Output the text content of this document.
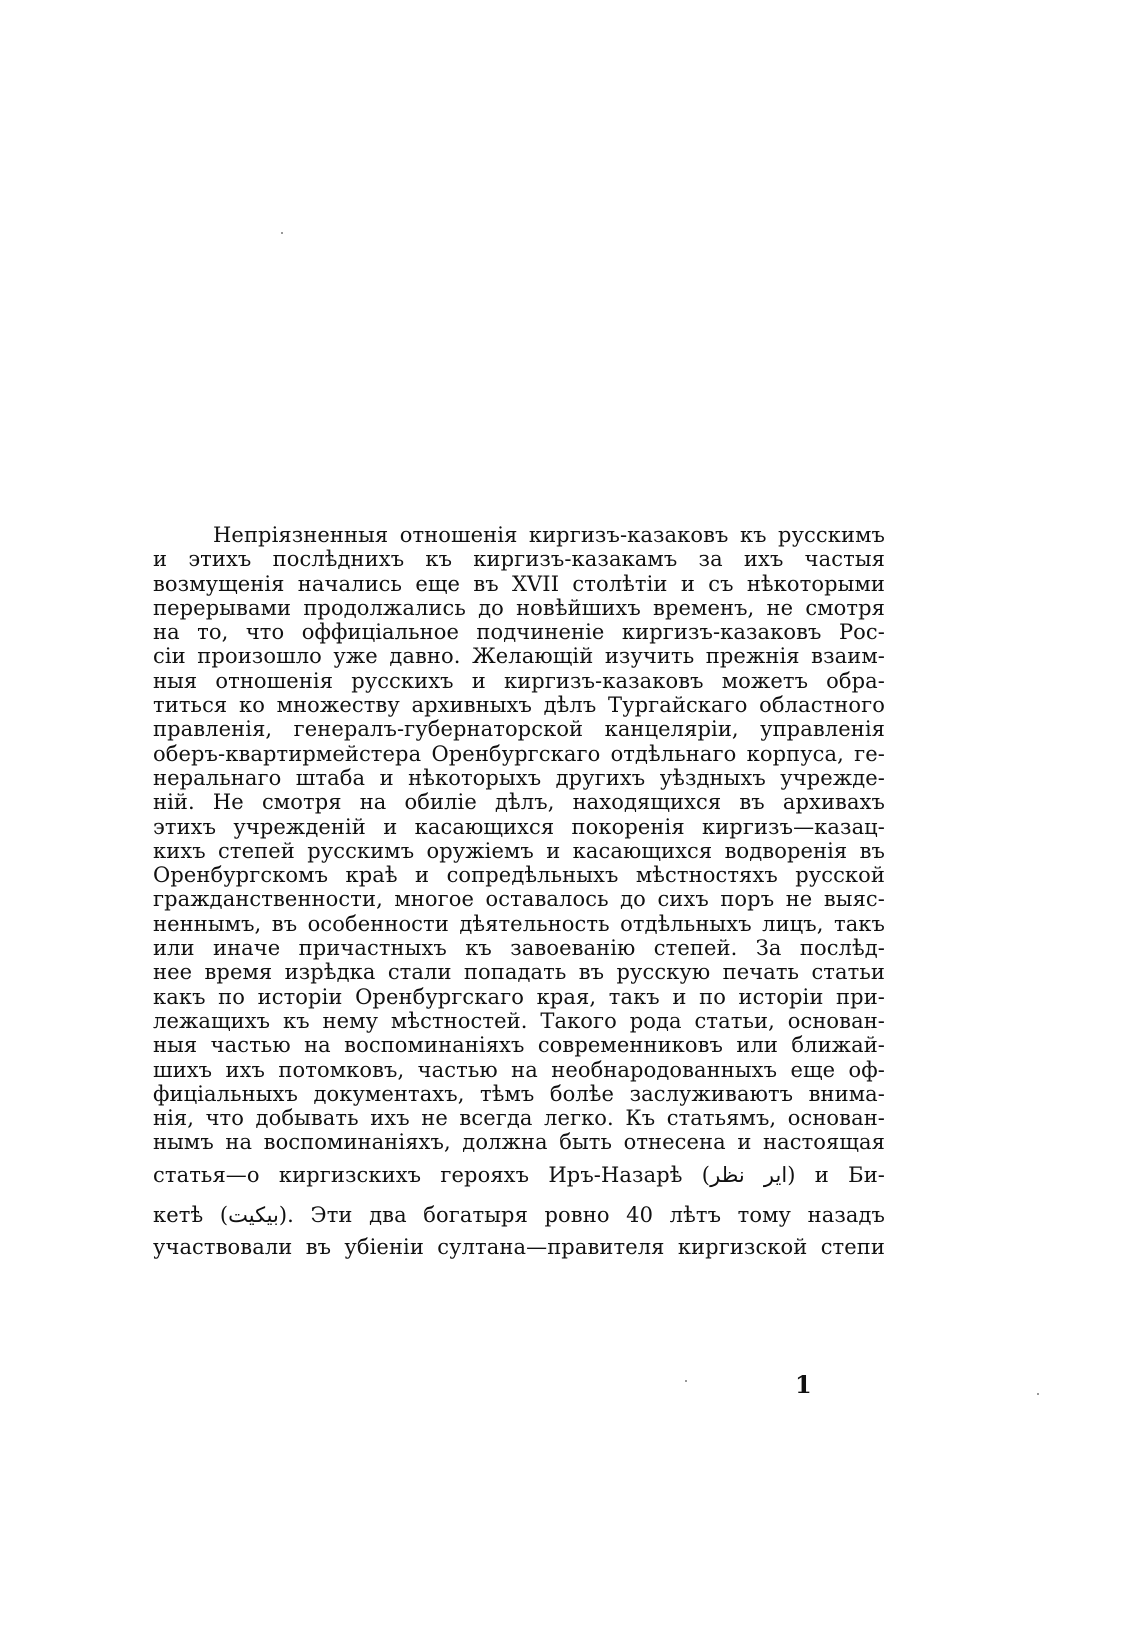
Непріязненныя отношенія киргизъ-казаковъ къ русскимъ
и этихъ послѣднихъ къ киргизъ-казакамъ за ихъ частыя
возмущенія начались еще въ XVII столѣтіи и съ нѣкоторыми
перерывами продолжались до новѣйшихъ временъ, не смотря
на то, что оффиціальное подчиненіе киргизъ-казаковъ Рос-
сіи произошло уже давно. Желающій изучить прежнія взаим-
ныя отношенія русскихъ и киргизъ-казаковъ можетъ обра-
титься ко множеству архивныхъ дѣлъ Тургайскаго областного
правленія, генералъ-губернаторской канцеляріи, управленія
оберъ-квартирмейстера Оренбургскаго отдѣльнаго корпуса, ге-
неральнаго штаба и нѣкоторыхъ другихъ уѣздныхъ учрежде-
ній. Не смотря на обиліе дѣлъ, находящихся въ архивахъ
этихъ учрежденій и касающихся покоренія киргизъ—казац-
кихъ степей русскимъ оружіемъ и касающихся водворенія въ
Оренбургскомъ краѣ и сопредѣльныхъ мѣстностяхъ русской
гражданственности, многое оставалось до сихъ поръ не выяс-
неннымъ, въ особенности дѣятельность отдѣльныхъ лицъ, такъ
или иначе причастныхъ къ завоеванію степей. За послѣд-
нее время изрѣдка стали попадать въ русскую печать статьи
какъ по исторіи Оренбургскаго края, такъ и по исторіи при-
лежащихъ къ нему мѣстностей. Такого рода статьи, основан-
ныя частью на воспоминаніяхъ современниковъ или ближай-
шихъ ихъ потомковъ, частью на необнародованныхъ еще оф-
фиціальныхъ документахъ, тѣмъ болѣе заслуживаютъ внима-
нія, что добывать ихъ не всегда легко. Къ статьямъ, основан-
нымъ на воспоминаніяхъ, должна быть отнесена и настоящая
статья—о киргизскихъ герояхъ Иръ-Назарѣ (ایر نظر) и Би-
кетѣ (بیکیت). Эти два богатыря ровно 40 лѣтъ тому назадъ
участвовали въ убіеніи султана—правителя киргизской степи
1
